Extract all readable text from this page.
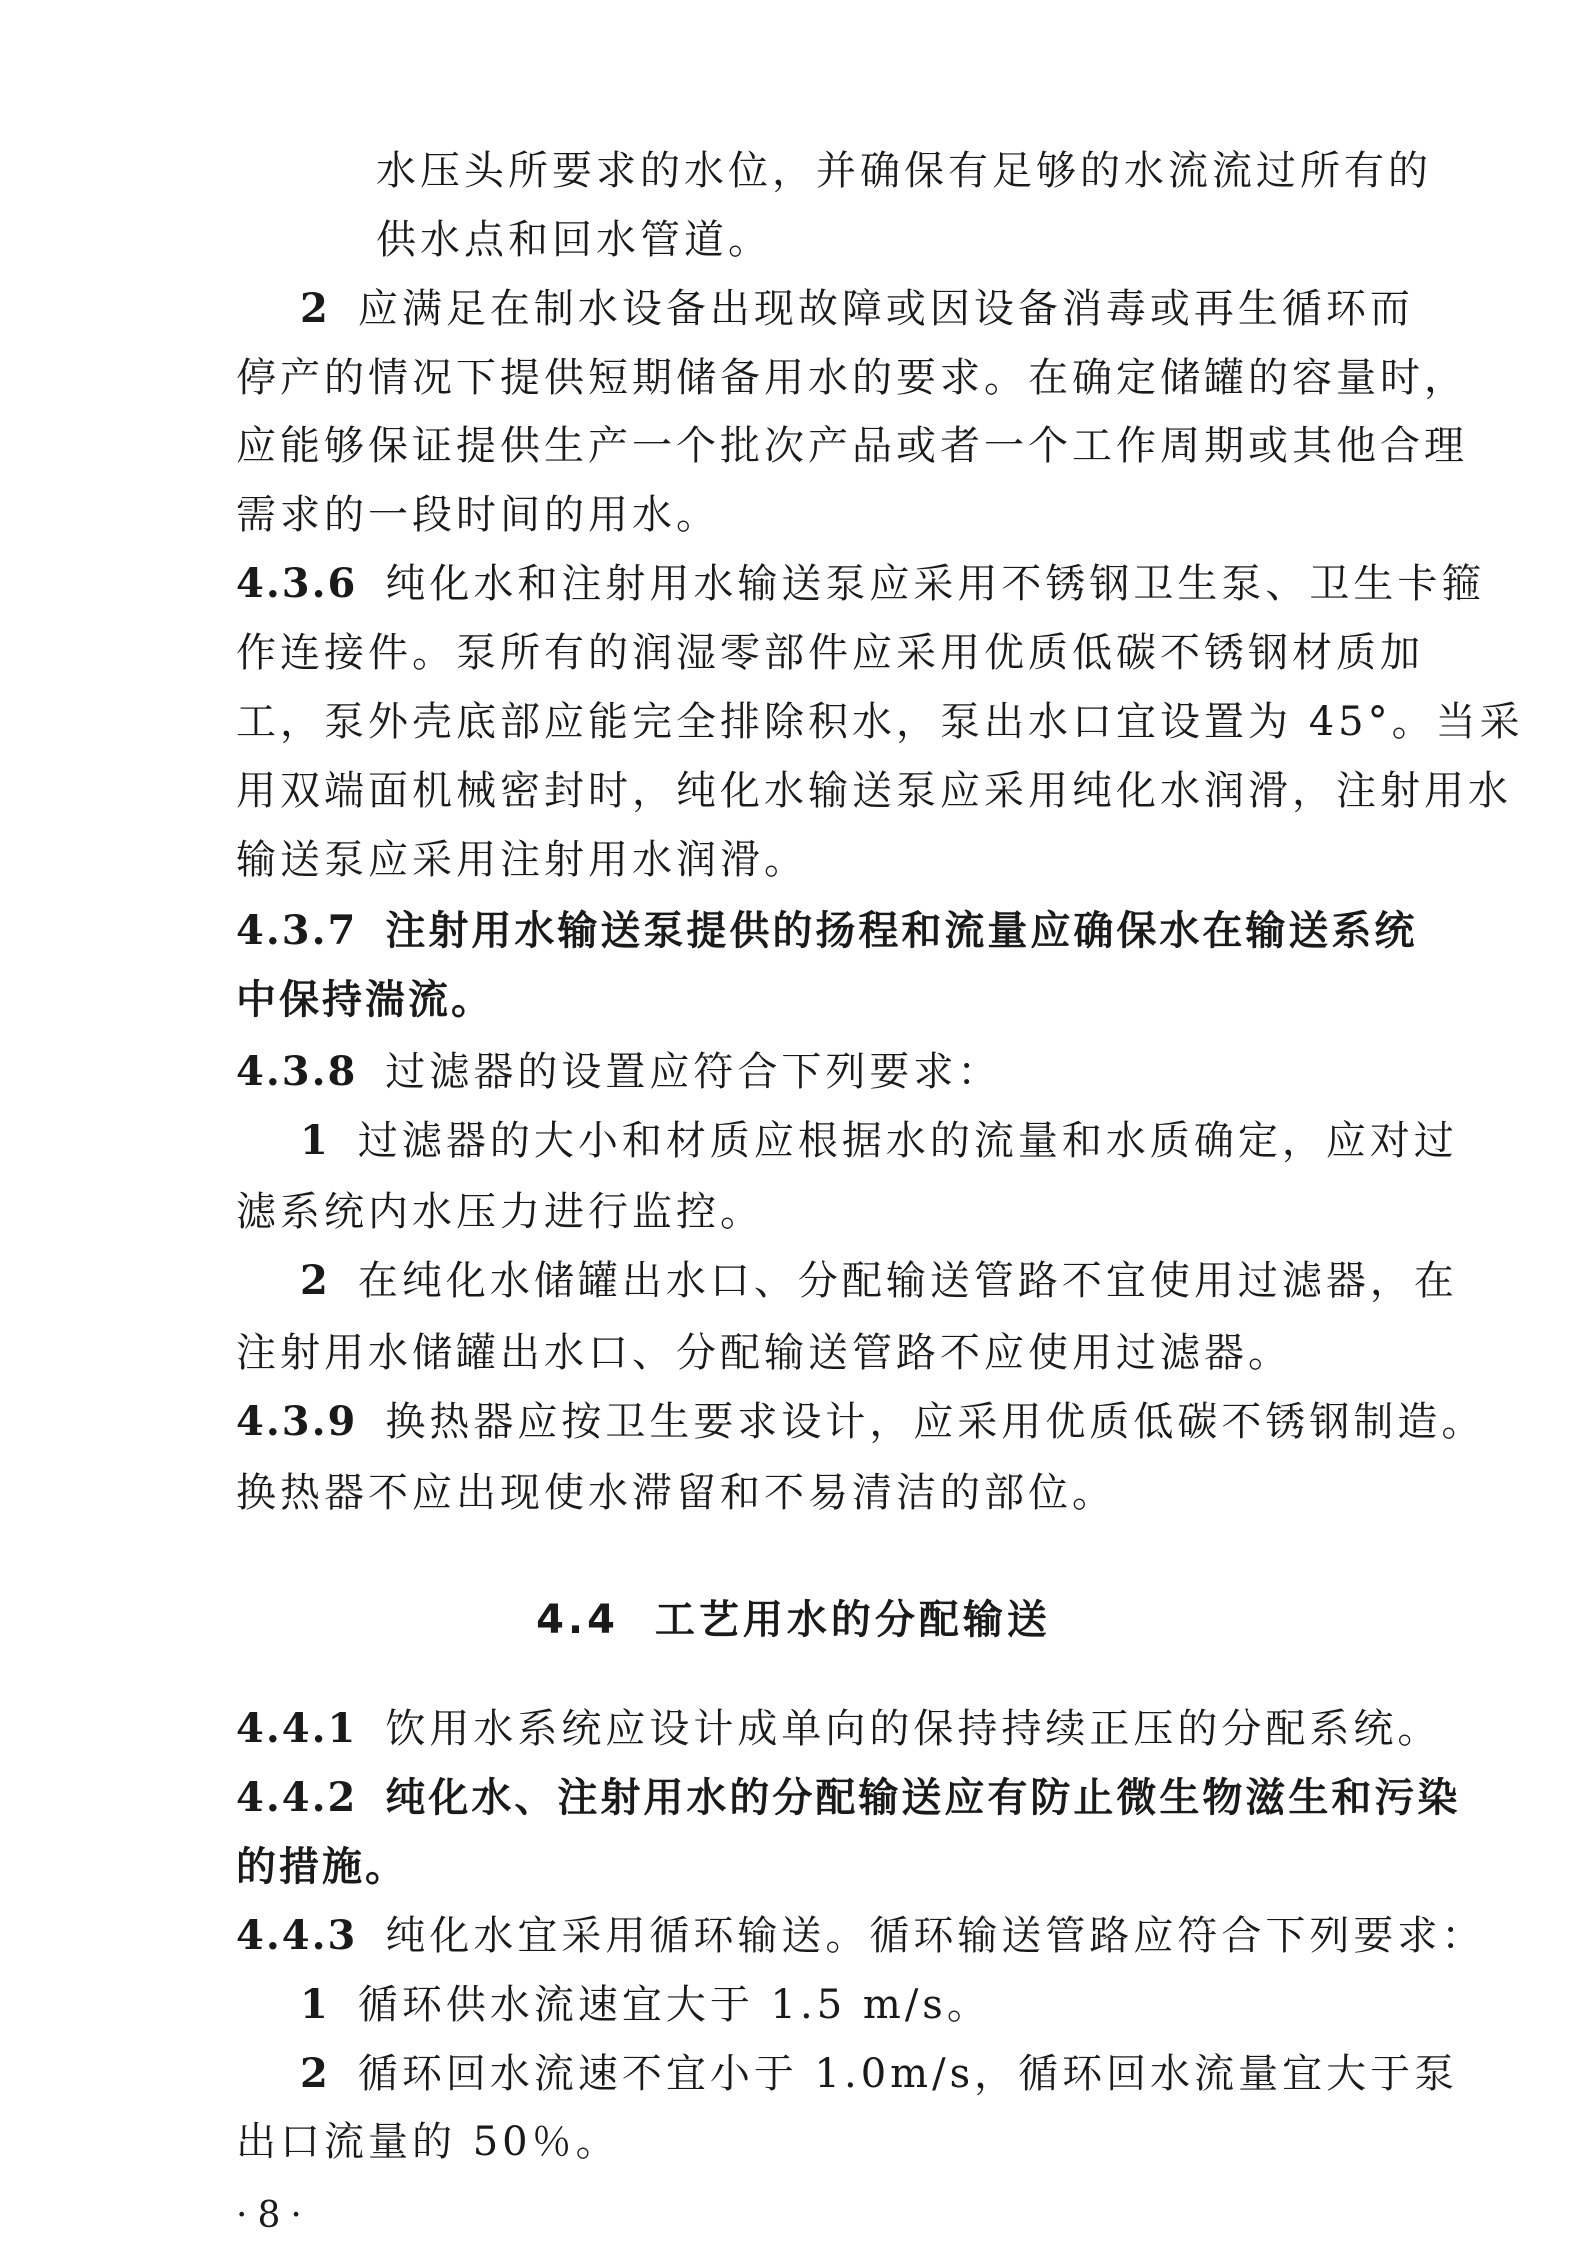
水压头所要求的水位，并确保有足够的水流流过所有的
供水点和回水管道。
2 应满足在制水设备出现故障或因设备消毒或再生循环而
停产的情况下提供短期储备用水的要求。在确定储罐的容量时，
应能够保证提供生产一个批次产品或者一个工作周期或其他合理
需求的一段时间的用水。
4.3.6 纯化水和注射用水输送泵应采用不锈钢卫生泵、卫生卡箍
作连接件。泵所有的润湿零部件应采用优质低碳不锈钢材质加
工，泵外壳底部应能完全排除积水，泵出水口宜设置为 45°。当采
用双端面机械密封时，纯化水输送泵应采用纯化水润滑，注射用水
输送泵应采用注射用水润滑。
4.3.7 注射用水输送泵提供的扬程和流量应确保水在输送系统
中保持湍流。
4.3.8 过滤器的设置应符合下列要求：
1 过滤器的大小和材质应根据水的流量和水质确定，应对过
滤系统内水压力进行监控。
2 在纯化水储罐出水口、分配输送管路不宜使用过滤器，在
注射用水储罐出水口、分配输送管路不应使用过滤器。
4.3.9 换热器应按卫生要求设计，应采用优质低碳不锈钢制造。
换热器不应出现使水滞留和不易清洁的部位。
4.4 工艺用水的分配输送
4.4.1 饮用水系统应设计成单向的保持持续正压的分配系统。
4.4.2 纯化水、注射用水的分配输送应有防止微生物滋生和污染
的措施。
4.4.3 纯化水宜采用循环输送。循环输送管路应符合下列要求：
1 循环供水流速宜大于 1.5 m/s。
2 循环回水流速不宜小于 1.0m/s，循环回水流量宜大于泵
出口流量的 50％。
·8·
